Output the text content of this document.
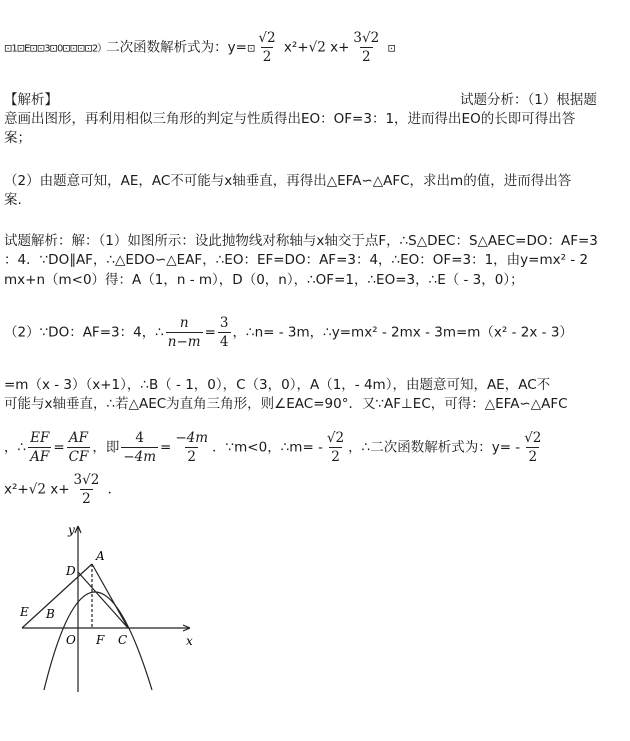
⊡1⊡E⊡⊡3⊡0⊡⊡⊡⊡2）二次函数解析式为：y=⊡ $\frac{√2}{2} x^2+√2$ $x+ \frac{3√2}{2}$ ⊡
【解析】	试题分析：（1）根据题
意画出图形，再利用相似三角形的判定与性质得出EO：OF=3：1，进而得出EO的长即可得出答
案；
（2）由题意可知，AE，AC不可能与x轴垂直，再得出△EFA∽△AFC，求出m的值，进而得出答
案.
试题解析：解：（1）如图所示：设此抛物线对称轴与x轴交于点F，∴S△DEC：S△AEC=DO：AF=3
：4．∵DO∥AF，∴△EDO∽△EAF，∴EO：EF=DO：AF=3：4，∴EO：OF=3：1，由y=mx² - 2
mx+n（m<0）得：A（1，n - m），D（0，n），∴OF=1，∴EO=3，∴E（ - 3，0）；
（2）∵DO：AF=3：4，∴ $\frac{n}{n-m} = \frac{3}{4}$ ，∴n= - 3m，∴y=mx² - 2mx - 3m=m（x² - 2x - 3）
=m（x - 3）（x+1），∴B（ - 1，0），C（3，0），A（1，- 4m），由题意可知，AE，AC不
可能与x轴垂直，∴若△AEC为直角三角形，则∠EAC=90°．又∵AF⊥EC，可得：△EFA∽△AFC
，∴ $\frac{EF}{AF} = \frac{AF}{CF}$ ，即 $\frac{4}{-4m} = \frac{-4m}{2}$ ．∵m<0，∴m= - $\frac{√2}{2}$ ，∴二次函数解析式为：$y= - \frac{√2}{2}$
x²+√2 $x+ \frac{3√2}{2}$ ．
y
x
A
D
E B
O F C
